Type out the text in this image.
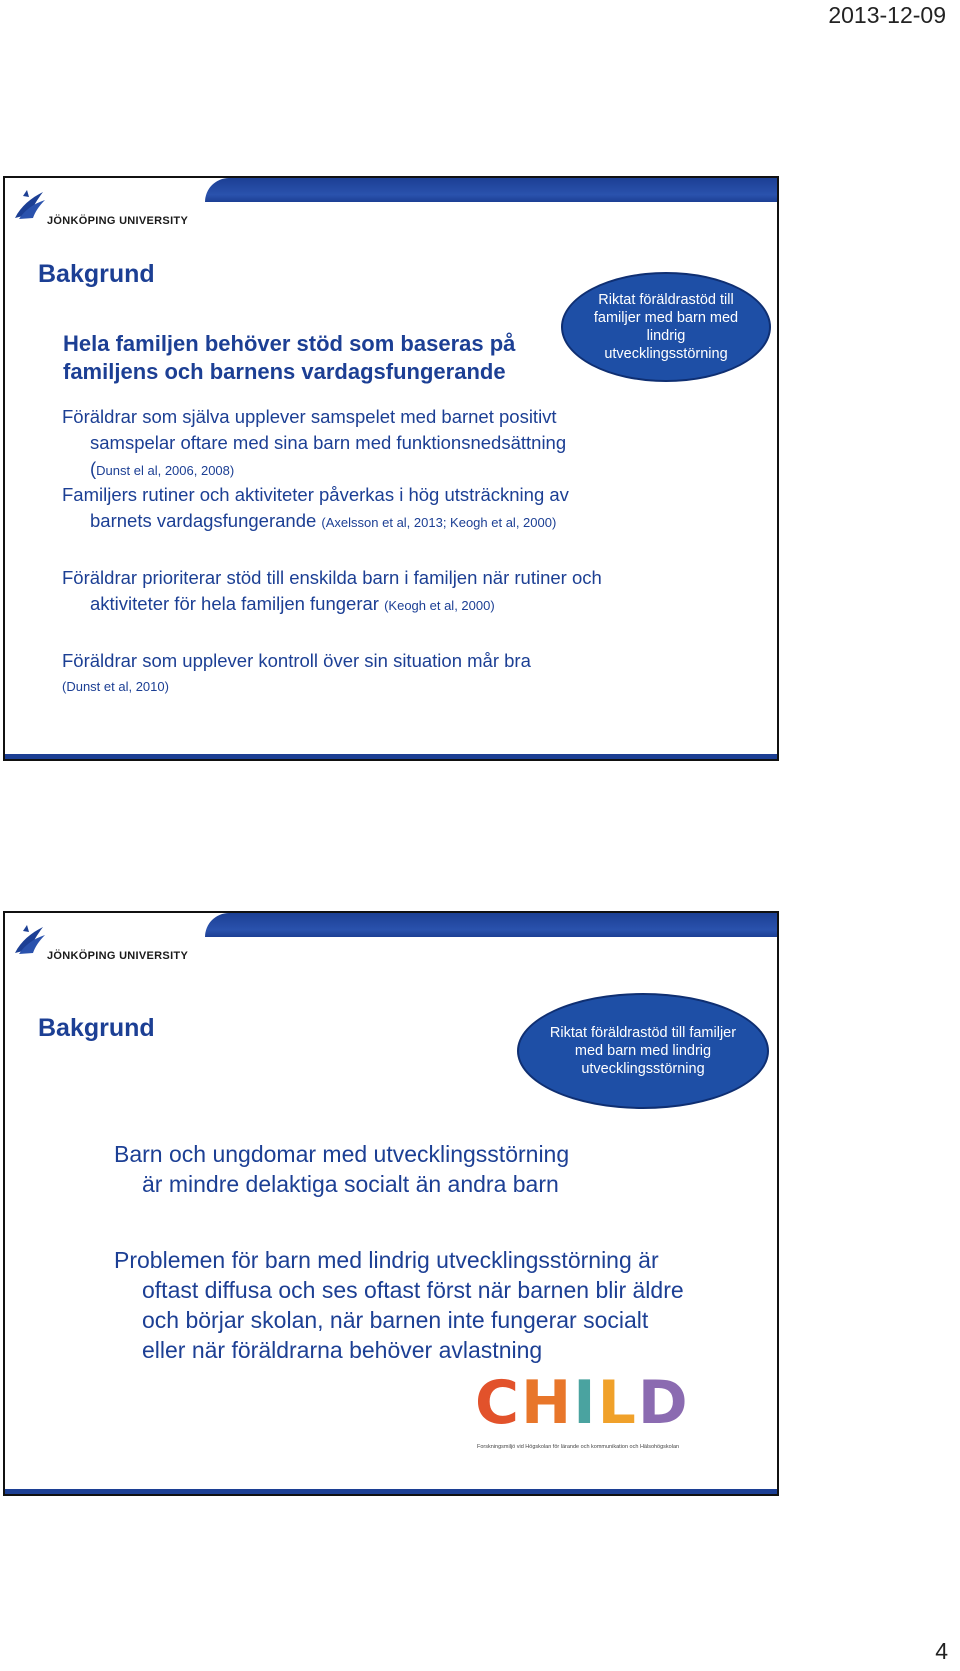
2013-12-09
JÖNKÖPING UNIVERSITY
Bakgrund
Riktat föräldrastöd till familjer med barn med lindrig utvecklingsstörning
Hela familjen behöver stöd som baseras på
familjens och barnens vardagsfungerande
Föräldrar som själva upplever samspelet med barnet positivt
samspelar oftare med sina barn med funktionsnedsättning
(Dunst el al, 2006, 2008)
Familjers rutiner och aktiviteter påverkas i hög utsträckning av
barnets vardagsfungerande (Axelsson et al, 2013; Keogh et al, 2000)
Föräldrar prioriterar stöd till enskilda barn i familjen när rutiner och
aktiviteter för hela familjen fungerar (Keogh et al, 2000)
Föräldrar som upplever kontroll över sin situation mår bra
(Dunst et al, 2010)
JÖNKÖPING UNIVERSITY
Bakgrund	Riktat föräldrastöd till familjer med barn med lindrig utvecklingsstörning
Barn och ungdomar med utvecklingsstörning
är mindre delaktiga socialt än andra barn
Problemen för barn med lindrig utvecklingsstörning är
oftast diffusa och ses oftast först när barnen blir äldre
och börjar skolan, när barnen inte fungerar socialt
eller när föräldrarna behöver avlastning
C H I L D
Forskningsmiljö vid Högskolan för lärande och kommunikation och Hälsohögskolan
4
